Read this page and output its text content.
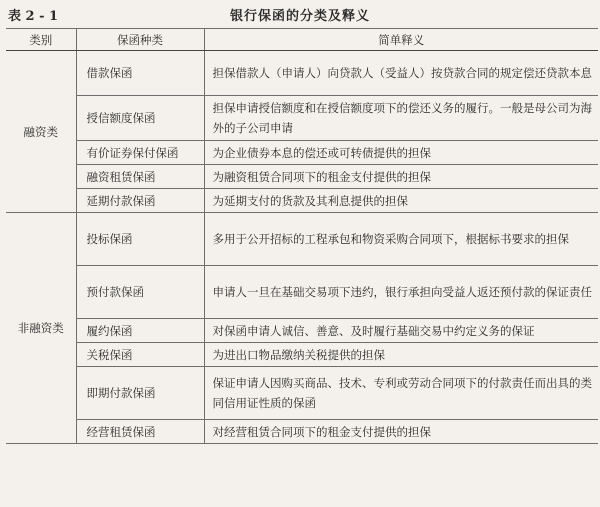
表 2 - 1	银行保函的分类及释义
类别	保函种类	简单释义
融资类	借款保函	担保借款人（申请人）向贷款人（受益人）按贷款合同的规定偿还贷款本息
	授信额度保函	担保申请授信额度和在授信额度项下的偿还义务的履行。一般是母公司为海外的子公司申请
	有价证券保付保函	为企业债券本息的偿还或可转债提供的担保
	融资租赁保函	为融资租赁合同项下的租金支付提供的担保
	延期付款保函	为延期支付的货款及其利息提供的担保
非融资类	投标保函	多用于公开招标的工程承包和物资采购合同项下，根据标书要求的担保
	预付款保函	申请人一旦在基础交易项下违约，银行承担向受益人返还预付款的保证责任
	履约保函	对保函申请人诚信、善意、及时履行基础交易中约定义务的保证
	关税保函	为进出口物品缴纳关税提供的担保
	即期付款保函	保证申请人因购买商品、技术、专利或劳动合同项下的付款责任而出具的类同信用证性质的保函
	经营租赁保函	对经营租赁合同项下的租金支付提供的担保
